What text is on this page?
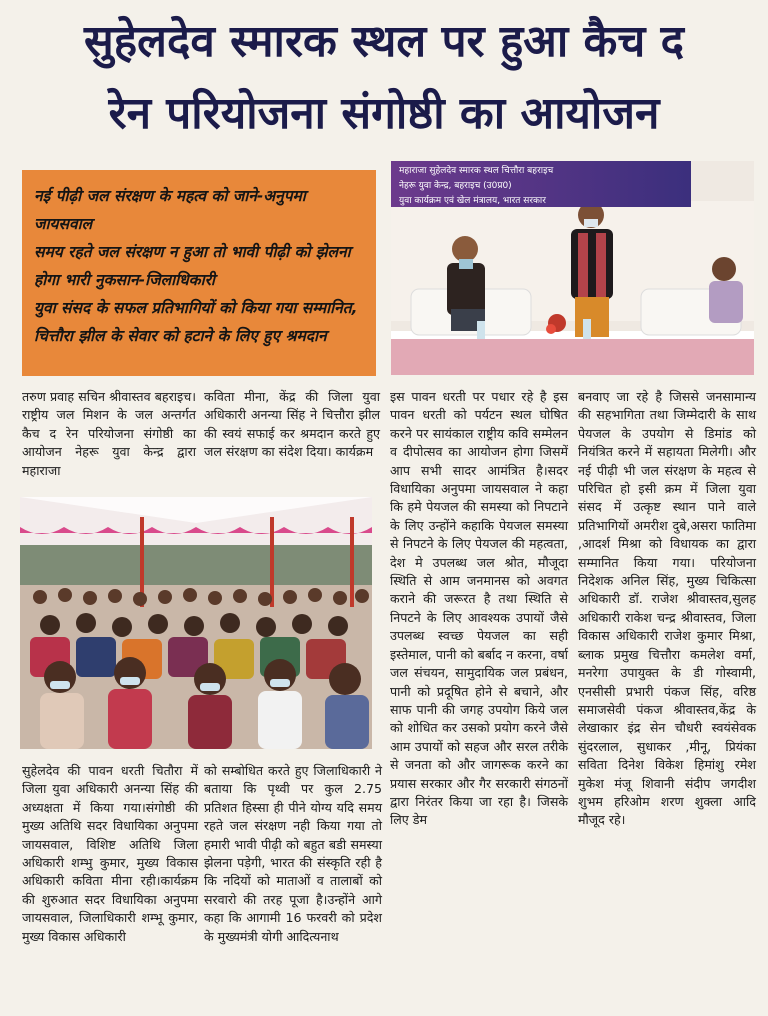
सुहेलदेव स्मारक स्थल पर हुआ कैच द
रेन परियोजना संगोष्ठी का आयोजन

नई पीढ़ी जल संरक्षण के महत्व को जाने-अनुपमा जायसवाल

समय रहते जल संरक्षण न हुआ तो भावी पीढ़ी को झेलना होगा भारी नुकसान-जिलाधिकारी

युवा संसद के सफल प्रतिभागियों को किया गया सम्मानित, चित्तौरा झील के सेवार को हटाने के लिए हुए श्रमदान

महाराजा सुहेलदेव स्मारक स्थल चित्तौरा बहराइच
नेहरू युवा केन्द्र, बहराइच (उ0प्र0)
युवा कार्यक्रम एवं खेल मंत्रालय, भारत सरकार

तरुण प्रवाह सचिन श्रीवास्तव बहराइच।राष्ट्रीय जल मिशन के जल अन्तर्गत कैच द रेन परियोजना संगोष्ठी का आयोजन नेहरू युवा केन्द्र द्वारा महाराजा

कविता मीना, केंद्र की जिला युवा अधिकारी अनन्या सिंह ने चित्तौरा झील की स्वयं सफाई कर श्रमदान करते हुए जल संरक्षण का संदेश दिया। कार्यक्रम

इस पावन धरती पर पधार रहे है इस पावन धरती को पर्यटन स्थल घोषित करने पर सायंकाल राष्ट्रीय कवि सम्मेलन व दीपोत्सव का आयोजन होगा जिसमें आप सभी सादर आमंत्रित है।सदर विधायिका अनुपमा जायसवाल ने कहा कि हमे पेयजल की समस्या को निपटाने के लिए उन्होंने कहाकि पेयजल समस्या से निपटने के लिए पेयजल की महत्वता, देश मे उपलब्ध जल श्रोत, मौजूदा स्थिति से आम जनमानस को अवगत कराने की जरूरत है तथा स्थिति से निपटने के लिए आवश्यक उपायों जैसे उपलब्ध स्वच्छ पेयजल का सही इस्तेमाल, पानी को बर्बाद न करना, वर्षा जल संचयन, सामुदायिक जल प्रबंधन, पानी को प्रदूषित होने से बचाने, और साफ पानी की जगह उपयोग किये जल को शोधित कर उसको प्रयोग करने जैसे आम उपायों को सहज और सरल तरीके से जनता को और जागरूक करने का प्रयास सरकार और गैर सरकारी संगठनों द्वारा निरंतर किया जा रहा है। जिसके लिए डेम

बनवाए जा रहे है जिससे जनसामान्य की सहभागिता तथा जिम्मेदारी के साथ पेयजल के उपयोग से डिमांड को नियंत्रित करने में सहायता मिलेगी। और नई पीढ़ी भी जल संरक्षण के महत्व से परिचित हो इसी क्रम में जिला युवा संसद में उत्कृष्ट स्थान पाने वाले प्रतिभागियों अमरीश दुबे,असरा फातिमा ,आदर्श मिश्रा को विधायक का द्वारा सम्मानित किया गया। परियोजना निदेशक अनिल सिंह, मुख्य चिकित्सा अधिकारी डॉ. राजेश श्रीवास्तव,सुलह अधिकारी राकेश चन्द्र श्रीवास्तव, जिला विकास अधिकारी राजेश कुमार मिश्रा, ब्लाक प्रमुख चित्तौरा कमलेश वर्मा, मनरेगा उपायुक्त के डी गोस्वामी, एनसीसी प्रभारी पंकज सिंह, वरिष्ठ समाजसेवी पंकज श्रीवास्तव,केंद्र के लेखाकार इंद्र सेन चौधरी स्वयंसेवक सुंदरलाल, सुधाकर ,मीनू, प्रियंका सविता दिनेश विकेश हिमांशु रमेश मुकेश मंजू शिवानी संदीप जगदीश शुभम हरिओम शरण शुक्ला आदि मौजूद रहे।

सुहेलदेव की पावन धरती चितौरा में जिला युवा अधिकारी अनन्या सिंह की अध्यक्षता में किया गया।संगोष्ठी की मुख्य अतिथि सदर विधायिका अनुपमा जायसवाल, विशिष्ट अतिथि जिला अधिकारी शम्भु कुमार, मुख्य विकास अधिकारी कविता मीना रही।कार्यक्रम की शुरुआत सदर विधायिका अनुपमा जायसवाल, जिलाधिकारी शम्भू कुमार, मुख्य विकास अधिकारी

को सम्बोधित करते हुए जिलाधिकारी ने बताया कि पृथ्वी पर कुल 2.75 प्रतिशत हिस्सा ही पीने योग्य यदि समय रहते जल संरक्षण नही किया गया तो हमारी भावी पीढ़ी को बहुत बडी समस्या झेलना पड़ेगी, भारत की संस्कृति रही है कि नदियों को माताओं व तालाबों को सरवारो की तरह पूजा है।उन्होंने आगे कहा कि आगामी 16 फरवरी को प्रदेश के मुख्यमंत्री योगी आदित्यनाथ
